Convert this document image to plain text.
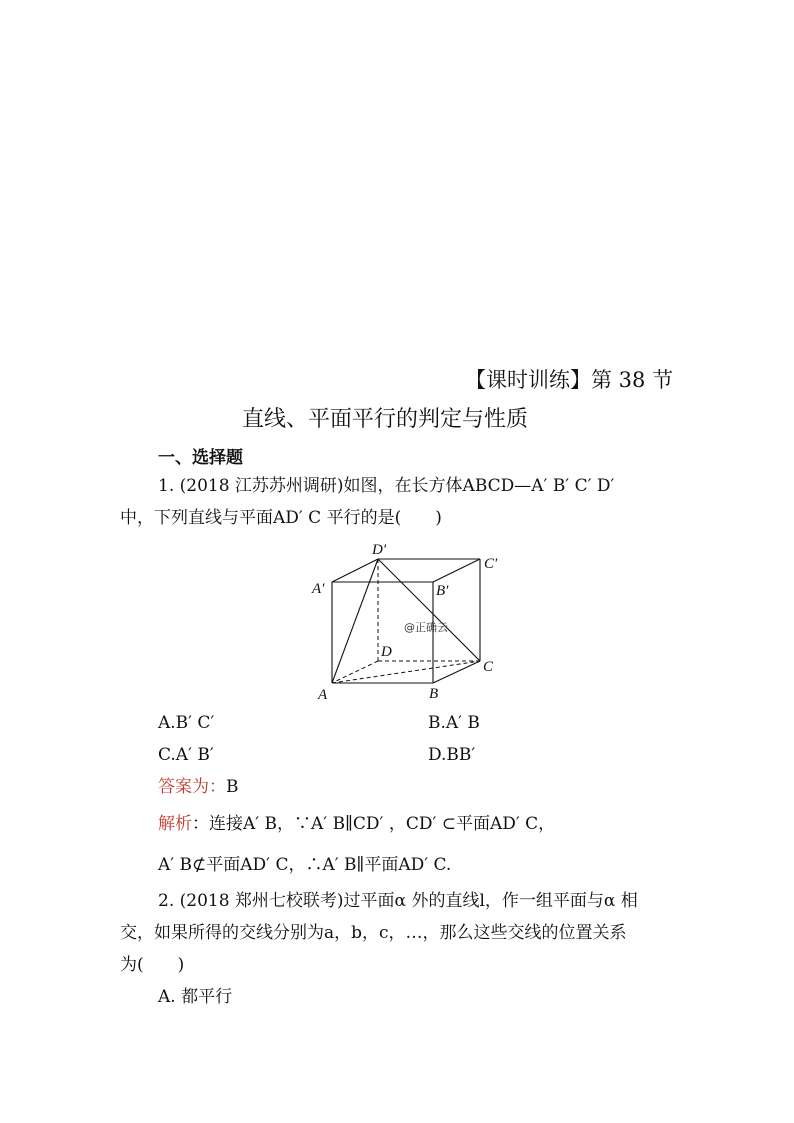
【课时训练】第 38 节
直线、平面平行的判定与性质
一、选择题
1. (2018 江苏苏州调研)如图，在长方体ABCD—A′ B′ C′ D′
中，下列直线与平面AD′ C 平行的是(　　)
D′
C′
A′	B′
D
C
A	B
@正确云
A.B′ C′	B.A′ B
C.A′ B′	D.BB′
答案为：B
解析：连接A′ B，∵A′ B∥CD′ ，CD′ ⊂平面AD′ C，
A′ B⊄平面AD′ C，∴A′ B∥平面AD′ C.
2. (2018 郑州七校联考)过平面α 外的直线l，作一组平面与α 相
交，如果所得的交线分别为a，b，c，…，那么这些交线的位置关系
为(　　)
A. 都平行
